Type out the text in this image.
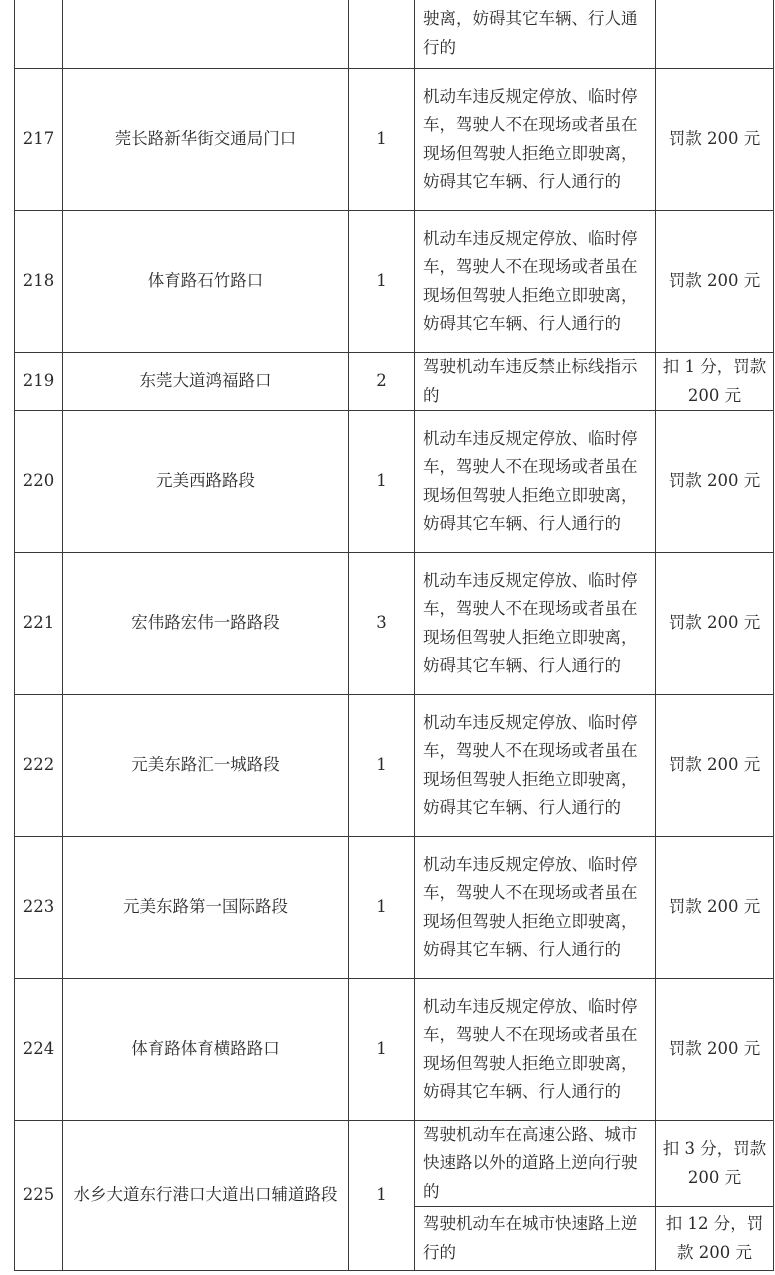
			驶离，妨碍其它车辆、行人通行的	

217	莞长路新华街交通局门口	1	机动车违反规定停放、临时停车，驾驶人不在现场或者虽在现场但驾驶人拒绝立即驶离，妨碍其它车辆、行人通行的	罚款 200 元

218	体育路石竹路口	1	机动车违反规定停放、临时停车，驾驶人不在现场或者虽在现场但驾驶人拒绝立即驶离，妨碍其它车辆、行人通行的	罚款 200 元

219	东莞大道鸿福路口	2	驾驶机动车违反禁止标线指示的	扣 1 分，罚款 200 元

220	元美西路路段	1	机动车违反规定停放、临时停车，驾驶人不在现场或者虽在现场但驾驶人拒绝立即驶离，妨碍其它车辆、行人通行的	罚款 200 元

221	宏伟路宏伟一路路段	3	机动车违反规定停放、临时停车，驾驶人不在现场或者虽在现场但驾驶人拒绝立即驶离，妨碍其它车辆、行人通行的	罚款 200 元

222	元美东路汇一城路段	1	机动车违反规定停放、临时停车，驾驶人不在现场或者虽在现场但驾驶人拒绝立即驶离，妨碍其它车辆、行人通行的	罚款 200 元

223	元美东路第一国际路段	1	机动车违反规定停放、临时停车，驾驶人不在现场或者虽在现场但驾驶人拒绝立即驶离，妨碍其它车辆、行人通行的	罚款 200 元

224	体育路体育横路路口	1	机动车违反规定停放、临时停车，驾驶人不在现场或者虽在现场但驾驶人拒绝立即驶离，妨碍其它车辆、行人通行的	罚款 200 元

225	水乡大道东行港口大道出口辅道路段	1	驾驶机动车在高速公路、城市快速路以外的道路上逆向行驶的	扣 3 分，罚款 200 元

			驾驶机动车在城市快速路上逆行的	扣 12 分，罚款 200 元
